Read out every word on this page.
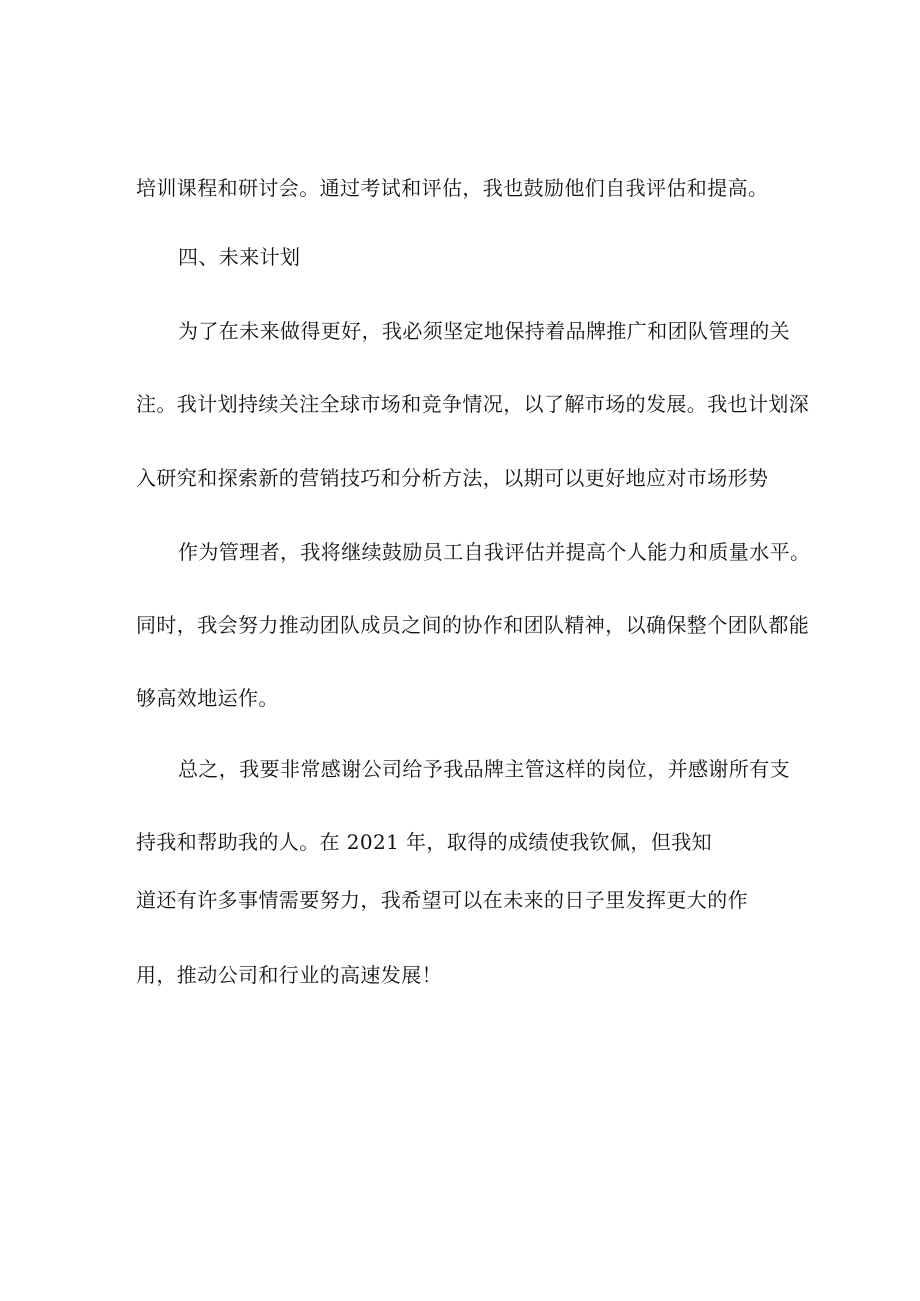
培训课程和研讨会。通过考试和评估，我也鼓励他们自我评估和提高。
四、未来计划
为了在未来做得更好，我必须坚定地保持着品牌推广和团队管理的关
注。我计划持续关注全球市场和竞争情况，以了解市场的发展。我也计划深
入研究和探索新的营销技巧和分析方法，以期可以更好地应对市场形势
作为管理者，我将继续鼓励员工自我评估并提高个人能力和质量水平。
同时，我会努力推动团队成员之间的协作和团队精神，以确保整个团队都能
够高效地运作。
总之，我要非常感谢公司给予我品牌主管这样的岗位，并感谢所有支
持我和帮助我的人。在 2021 年，取得的成绩使我钦佩，但我知
道还有许多事情需要努力，我希望可以在未来的日子里发挥更大的作
用，推动公司和行业的高速发展！
